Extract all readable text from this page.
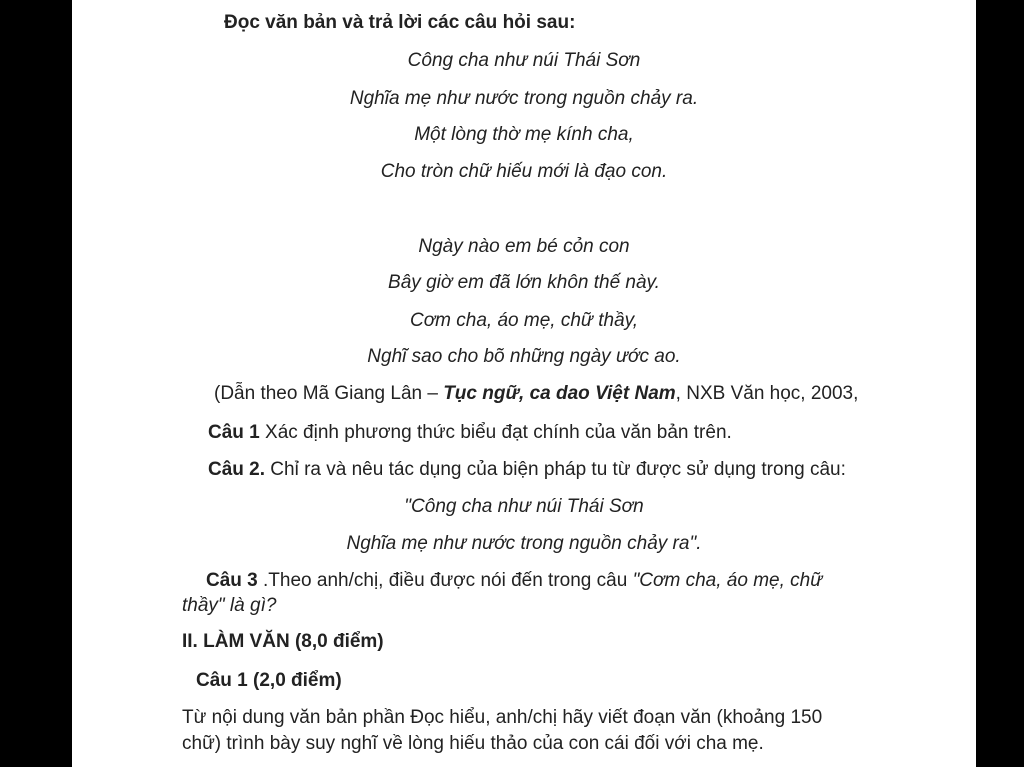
Đọc văn bản và trả lời các câu hỏi sau:
Công cha như núi Thái Sơn
Nghĩa mẹ như nước trong nguồn chảy ra.
Một lòng thờ mẹ kính cha,
Cho tròn chữ hiếu mới là đạo con.
Ngày nào em bé cỏn con
Bây giờ em đã lớn khôn thế này.
Cơm cha, áo mẹ, chữ thầy,
Nghĩ sao cho bõ những ngày ước ao.
(Dẫn theo Mã Giang Lân – Tục ngữ, ca dao Việt Nam, NXB Văn học, 2003,
Câu 1 Xác định phương thức biểu đạt chính của văn bản trên.
Câu 2. Chỉ ra và nêu tác dụng của biện pháp tu từ được sử dụng trong câu:
"Công cha như núi Thái Sơn
Nghĩa mẹ như nước trong nguồn chảy ra".
Câu 3 .Theo anh/chị, điều được nói đến trong câu "Cơm cha, áo mẹ, chữ
thầy" là gì?
II. LÀM VĂN (8,0 điểm)
Câu 1 (2,0 điểm)
Từ nội dung văn bản phần Đọc hiểu, anh/chị hãy viết đoạn văn (khoảng 150
chữ) trình bày suy nghĩ về lòng hiếu thảo của con cái đối với cha mẹ.
